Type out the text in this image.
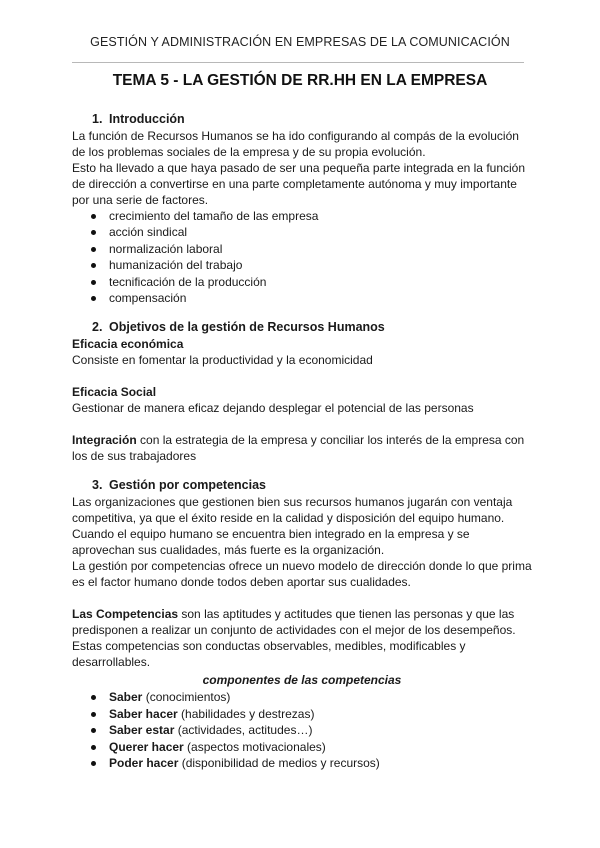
GESTIÓN Y ADMINISTRACIÓN EN EMPRESAS DE LA COMUNICACIÓN
TEMA 5 - LA GESTIÓN DE RR.HH EN LA EMPRESA
1. Introducción

La función de Recursos Humanos se ha ido configurando al compás de la evolución de los problemas sociales de la empresa y de su propia evolución.

Esto ha llevado a que haya pasado de ser una pequeña parte integrada en la función de dirección a convertirse en una parte completamente autónoma y muy importante por una serie de factores.

crecimiento del tamaño de las empresa
acción sindical
normalización laboral
humanización del trabajo
tecnificación de la producción
compensación
2. Objetivos de la gestión de Recursos Humanos

Eficacia económica

Consiste en fomentar la productividad y la economicidad

Eficacia Social

Gestionar de manera eficaz dejando desplegar el potencial de las personas

Integración con la estrategia de la empresa y conciliar los interés de la empresa con los de sus trabajadores

3. Gestión por competencias

Las organizaciones que gestionen bien sus recursos humanos jugarán con ventaja competitiva, ya que el éxito reside en la calidad y disposición del equipo humano. Cuando el equipo humano se encuentra bien integrado en la empresa y se aprovechan sus cualidades, más fuerte es la organización.

La gestión por competencias ofrece un nuevo modelo de dirección donde lo que prima es el factor humano donde todos deben aportar sus cualidades.

Las Competencias son las aptitudes y actitudes que tienen las personas y que las predisponen a realizar un conjunto de actividades con el mejor de los desempeños. Estas competencias son conductas observables, medibles, modificables y desarrollables.

componentes de las competencias

Saber (conocimientos)
Saber hacer (habilidades y destrezas)
Saber estar (actividades, actitudes…)
Querer hacer (aspectos motivacionales)
Poder hacer (disponibilidad de medios y recursos)
